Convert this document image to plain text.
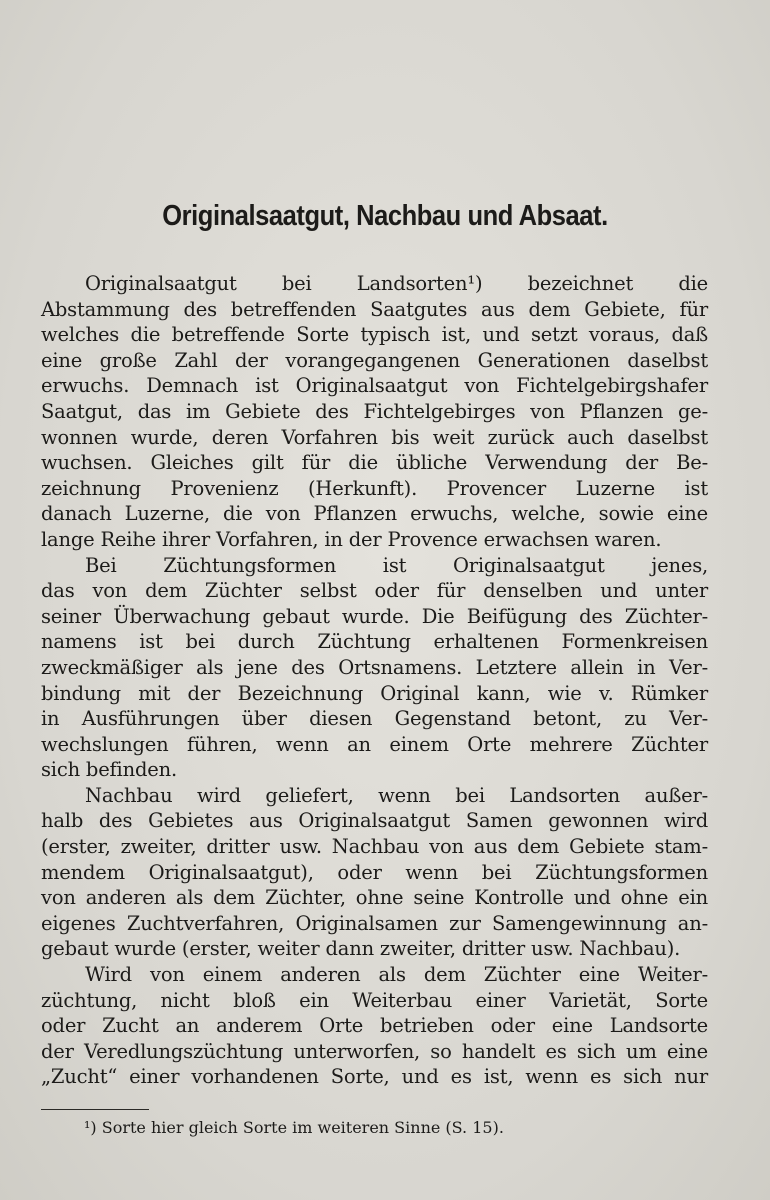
Originalsaatgut, Nachbau und Absaat.
Originalsaatgut bei Landsorten¹) bezeichnet die
Abstammung des betreffenden Saatgutes aus dem Gebiete, für
welches die betreffende Sorte typisch ist, und setzt voraus, daß
eine große Zahl der vorangegangenen Generationen daselbst
erwuchs. Demnach ist Originalsaatgut von Fichtelgebirgshafer
Saatgut, das im Gebiete des Fichtelgebirges von Pflanzen ge-
wonnen wurde, deren Vorfahren bis weit zurück auch daselbst
wuchsen. Gleiches gilt für die übliche Verwendung der Be-
zeichnung Provenienz (Herkunft). Provencer Luzerne ist
danach Luzerne, die von Pflanzen erwuchs, welche, sowie eine
lange Reihe ihrer Vorfahren, in der Provence erwachsen waren.
Bei Züchtungsformen ist Originalsaatgut jenes,
das von dem Züchter selbst oder für denselben und unter
seiner Überwachung gebaut wurde. Die Beifügung des Züchter-
namens ist bei durch Züchtung erhaltenen Formenkreisen
zweckmäßiger als jene des Ortsnamens. Letztere allein in Ver-
bindung mit der Bezeichnung Original kann, wie v. Rümker
in Ausführungen über diesen Gegenstand betont, zu Ver-
wechslungen führen, wenn an einem Orte mehrere Züchter
sich befinden.
Nachbau wird geliefert, wenn bei Landsorten außer-
halb des Gebietes aus Originalsaatgut Samen gewonnen wird
(erster, zweiter, dritter usw. Nachbau von aus dem Gebiete stam-
mendem Originalsaatgut), oder wenn bei Züchtungsformen
von anderen als dem Züchter, ohne seine Kontrolle und ohne ein
eigenes Zuchtverfahren, Originalsamen zur Samengewinnung an-
gebaut wurde (erster, weiter dann zweiter, dritter usw. Nachbau).
Wird von einem anderen als dem Züchter eine Weiter-
züchtung, nicht bloß ein Weiterbau einer Varietät, Sorte
oder Zucht an anderem Orte betrieben oder eine Landsorte
der Veredlungszüchtung unterworfen, so handelt es sich um eine
„Zucht“ einer vorhandenen Sorte, und es ist, wenn es sich nur
¹) Sorte hier gleich Sorte im weiteren Sinne (S. 15).
